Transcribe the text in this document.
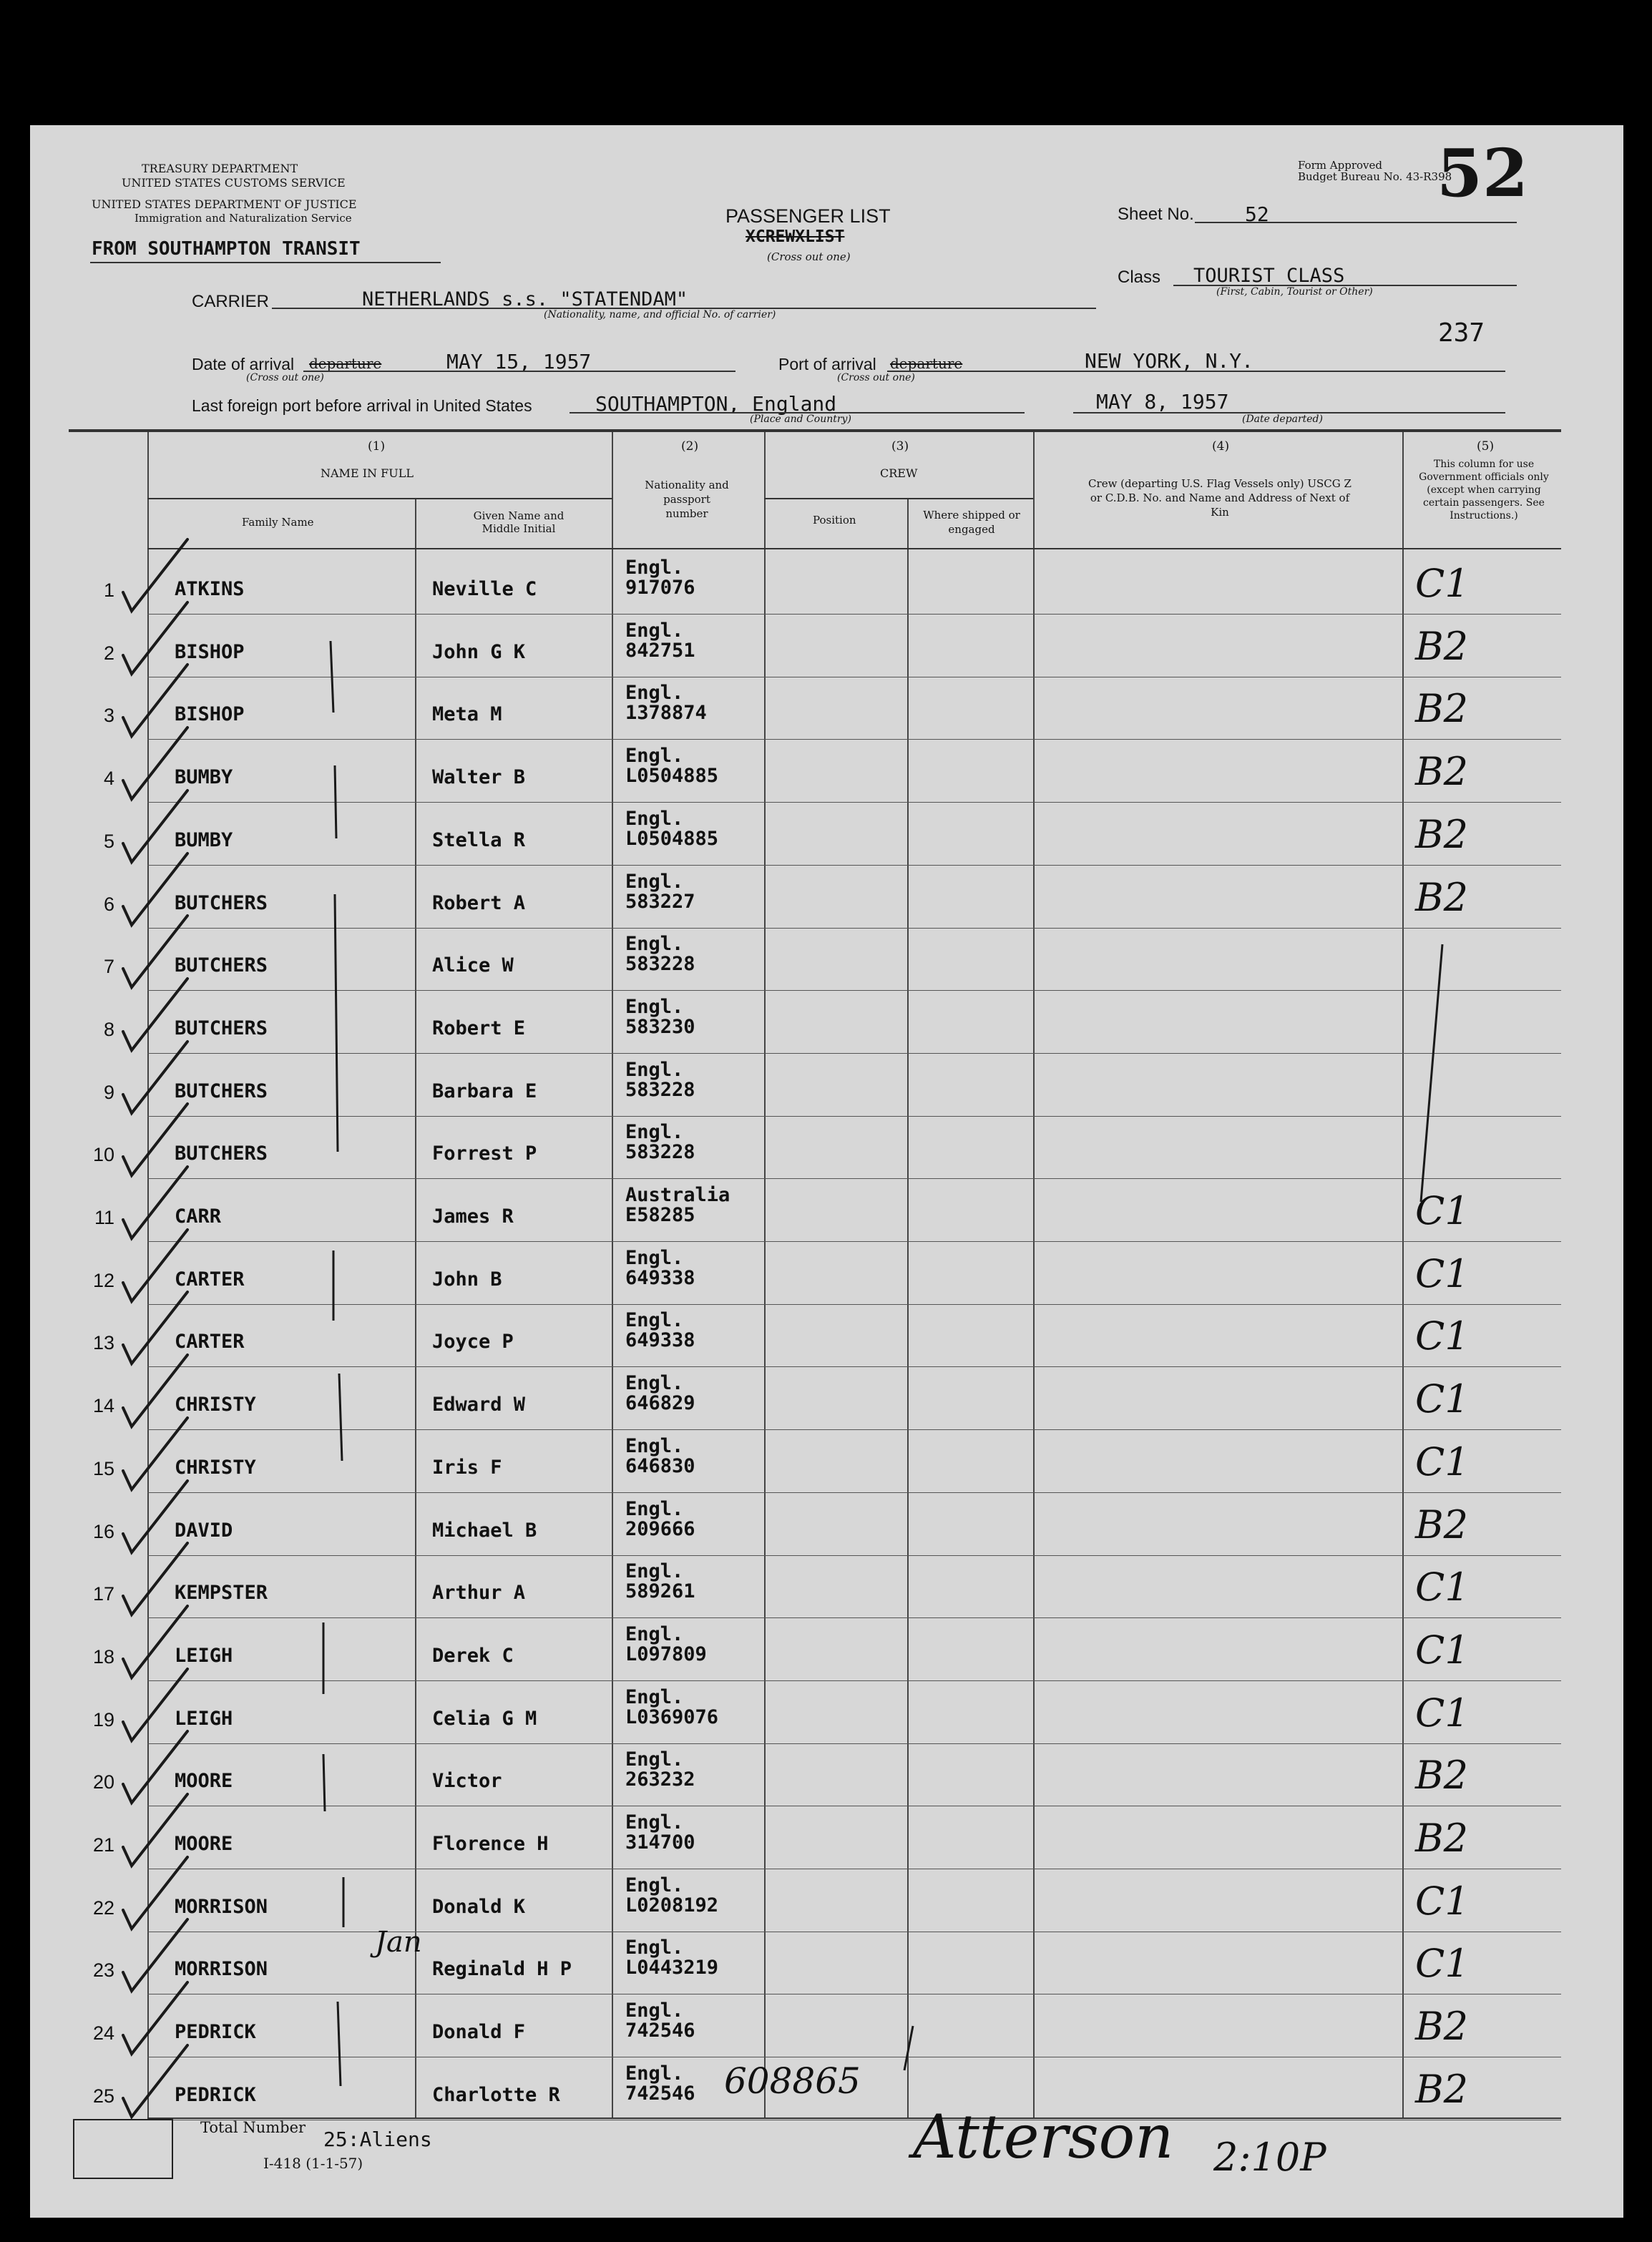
52
TREASURY DEPARTMENT
UNITED STATES CUSTOMS SERVICE
UNITED STATES DEPARTMENT OF JUSTICE
Immigration and Naturalization Service
FROM SOUTHAMPTON TRANSIT
PASSENGER LIST
XCREWXLIST
(Cross out one)
Form Approved
Budget Bureau No. 43-R398
Sheet No.	52
Class TOURIST CLASS
(First, Cabin, Tourist or Other)
CARRIER	NETHERLANDS s.s. "STATENDAM"
(Nationality, name, and official No. of carrier)
237
Date of arrival departure	MAY 15, 1957
(Cross out one)
Port of arrival departure	NEW YORK, N.Y.
(Cross out one)
Last foreign port before arrival in United States	SOUTHAMPTON, England
(Place and Country)
MAY 8, 1957
(Date departed)
(1)
NAME IN FULL
Family Name	Given Name and Middle Initial
(2)
Nationality and passport number
(3)
CREW
Position	Where shipped or engaged
(4)
Crew (departing U.S. Flag Vessels only) USCG Z or C.D.B. No. and Name and Address of Next of Kin
(5)
This column for use Government officials only (except when carrying certain passengers. See Instructions.)
1	ATKINS	Neville C
Engl.
917076	C1
2	BISHOP	John G K
Engl.
842751	B2
3	BISHOP	Meta M
Engl.
1378874	B2
4	BUMBY	Walter B
Engl.
L0504885	B2
5	BUMBY	Stella R
Engl.
L0504885	B2
6	BUTCHERS	Robert A
Engl.
583227	B2
7	BUTCHERS	Alice W
Engl.
583228
8	BUTCHERS	Robert E
Engl.
583230
9	BUTCHERS	Barbara E
Engl.
583228
10	BUTCHERS	Forrest P
Engl.
583228
11	CARR	James R
Australia
E58285	C1
12	CARTER	John B
Engl.
649338	C1
13	CARTER	Joyce P
Engl.
649338	C1
14	CHRISTY	Edward W
Engl.
646829	C1
15	CHRISTY	Iris F
Engl.
646830	C1
16	DAVID	Michael B
Engl.
209666	B2
17	KEMPSTER	Arthur A
Engl.
589261	C1
18	LEIGH	Derek C
Engl.
L097809	C1
19	LEIGH	Celia G M
Engl.
L0369076	C1
20	MOORE	Victor
Engl.
263232	B2
21	MOORE	Florence H
Engl.
314700	B2
22	MORRISON	Donald K
Engl.
L0208192	C1
23	MORRISON	Reginald H P
Engl.
L0443219	C1
24	PEDRICK	Donald F
Engl.
742546	B2
25	PEDRICK	Charlotte R
Engl.
742546	B2
608865
Jan
Total Number 25:Aliens
I-418 (1-1-57)	Atterson 2:10P
